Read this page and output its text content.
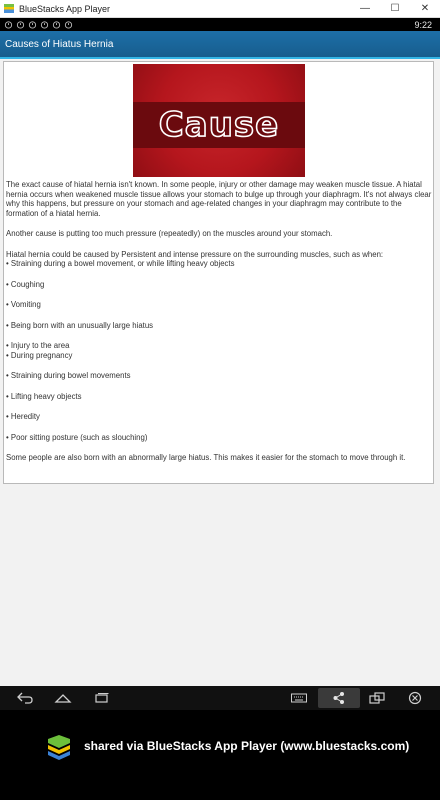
BlueStacks App Player	—	☐	✕
9:22
Causes of Hiatus Hernia
Cause

The exact cause of hiatal hernia isn't known. In some people, injury or other damage may weaken muscle tissue. A hiatal hernia occurs when weakened muscle tissue allows your stomach to bulge up through your diaphragm. It's not always clear why this happens, but pressure on your stomach and age-related changes in your diaphragm may contribute to the formation of a hiatal hernia.

Another cause is putting too much pressure (repeatedly) on the muscles around your stomach.

Hiatal hernia could be caused by Persistent and intense pressure on the surrounding muscles, such as when:

• Straining during a bowel movement, or while lifting heavy objects

• Coughing

• Vomiting

• Being born with an unusually large hiatus

• Injury to the area

• During pregnancy

• Straining during bowel movements

• Lifting heavy objects

• Heredity

• Poor sitting posture (such as slouching)

Some people are also born with an abnormally large hiatus. This makes it easier for the stomach to move through it.

shared via BlueStacks App Player (www.bluestacks.com)
